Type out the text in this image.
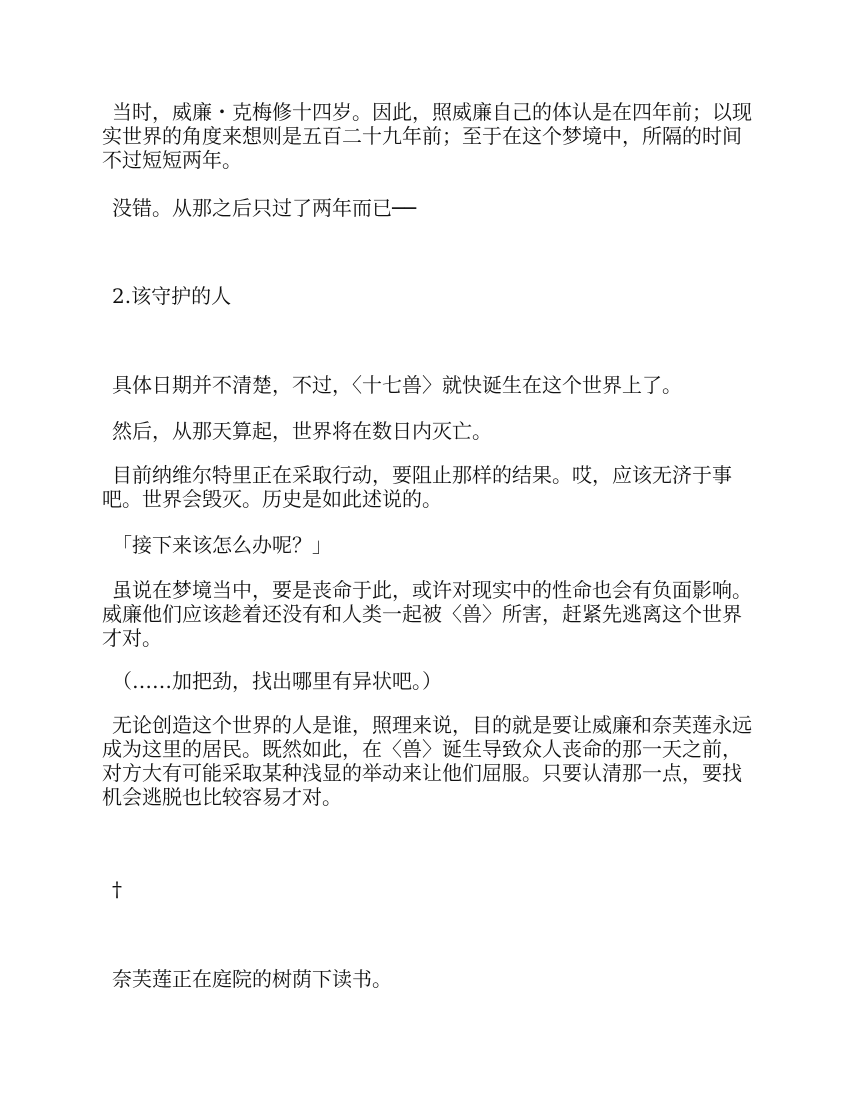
当时，威廉・克梅修十四岁。因此，照威廉自己的体认是在四年前；以现实世界的角度来想则是五百二十九年前；至于在这个梦境中，所隔的时间不过短短两年。

没错。从那之后只过了两年而已──

2.该守护的人

具体日期并不清楚，不过，〈十七兽〉就快诞生在这个世界上了。

然后，从那天算起，世界将在数日内灭亡。

目前纳维尔特里正在采取行动，要阻止那样的结果。哎，应该无济于事吧。世界会毁灭。历史是如此述说的。

「接下来该怎么办呢？」

虽说在梦境当中，要是丧命于此，或许对现实中的性命也会有负面影响。威廉他们应该趁着还没有和人类一起被〈兽〉所害，赶紧先逃离这个世界才对。

（……加把劲，找出哪里有异状吧。）

无论创造这个世界的人是谁，照理来说，目的就是要让威廉和奈芙莲永远成为这里的居民。既然如此，在〈兽〉诞生导致众人丧命的那一天之前，对方大有可能采取某种浅显的举动来让他们屈服。只要认清那一点，要找机会逃脱也比较容易才对。

†

奈芙莲正在庭院的树荫下读书。
